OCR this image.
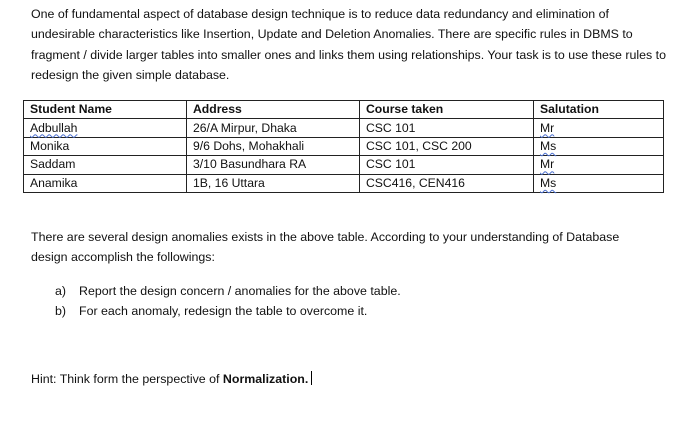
One of fundamental aspect of database design technique is to reduce data redundancy and elimination of undesirable characteristics like Insertion, Update and Deletion Anomalies. There are specific rules in DBMS to fragment / divide larger tables into smaller ones and links them using relationships. Your task is to use these rules to redesign the given simple database.
Student Name	Address	Course taken	Salutation
Adbullah	26/A Mirpur, Dhaka	CSC 101	Mr
Monika	9/6 Dohs, Mohakhali	CSC 101, CSC 200	Ms
Saddam	3/10 Basundhara RA	CSC 101	Mr
Anamika	1B, 16 Uttara	CSC416, CEN416	Ms
There are several design anomalies exists in the above table. According to your understanding of Database design accomplish the followings:
a) Report the design concern / anomalies for the above table.
b) For each anomaly, redesign the table to overcome it.
Hint: Think form the perspective of Normalization.
